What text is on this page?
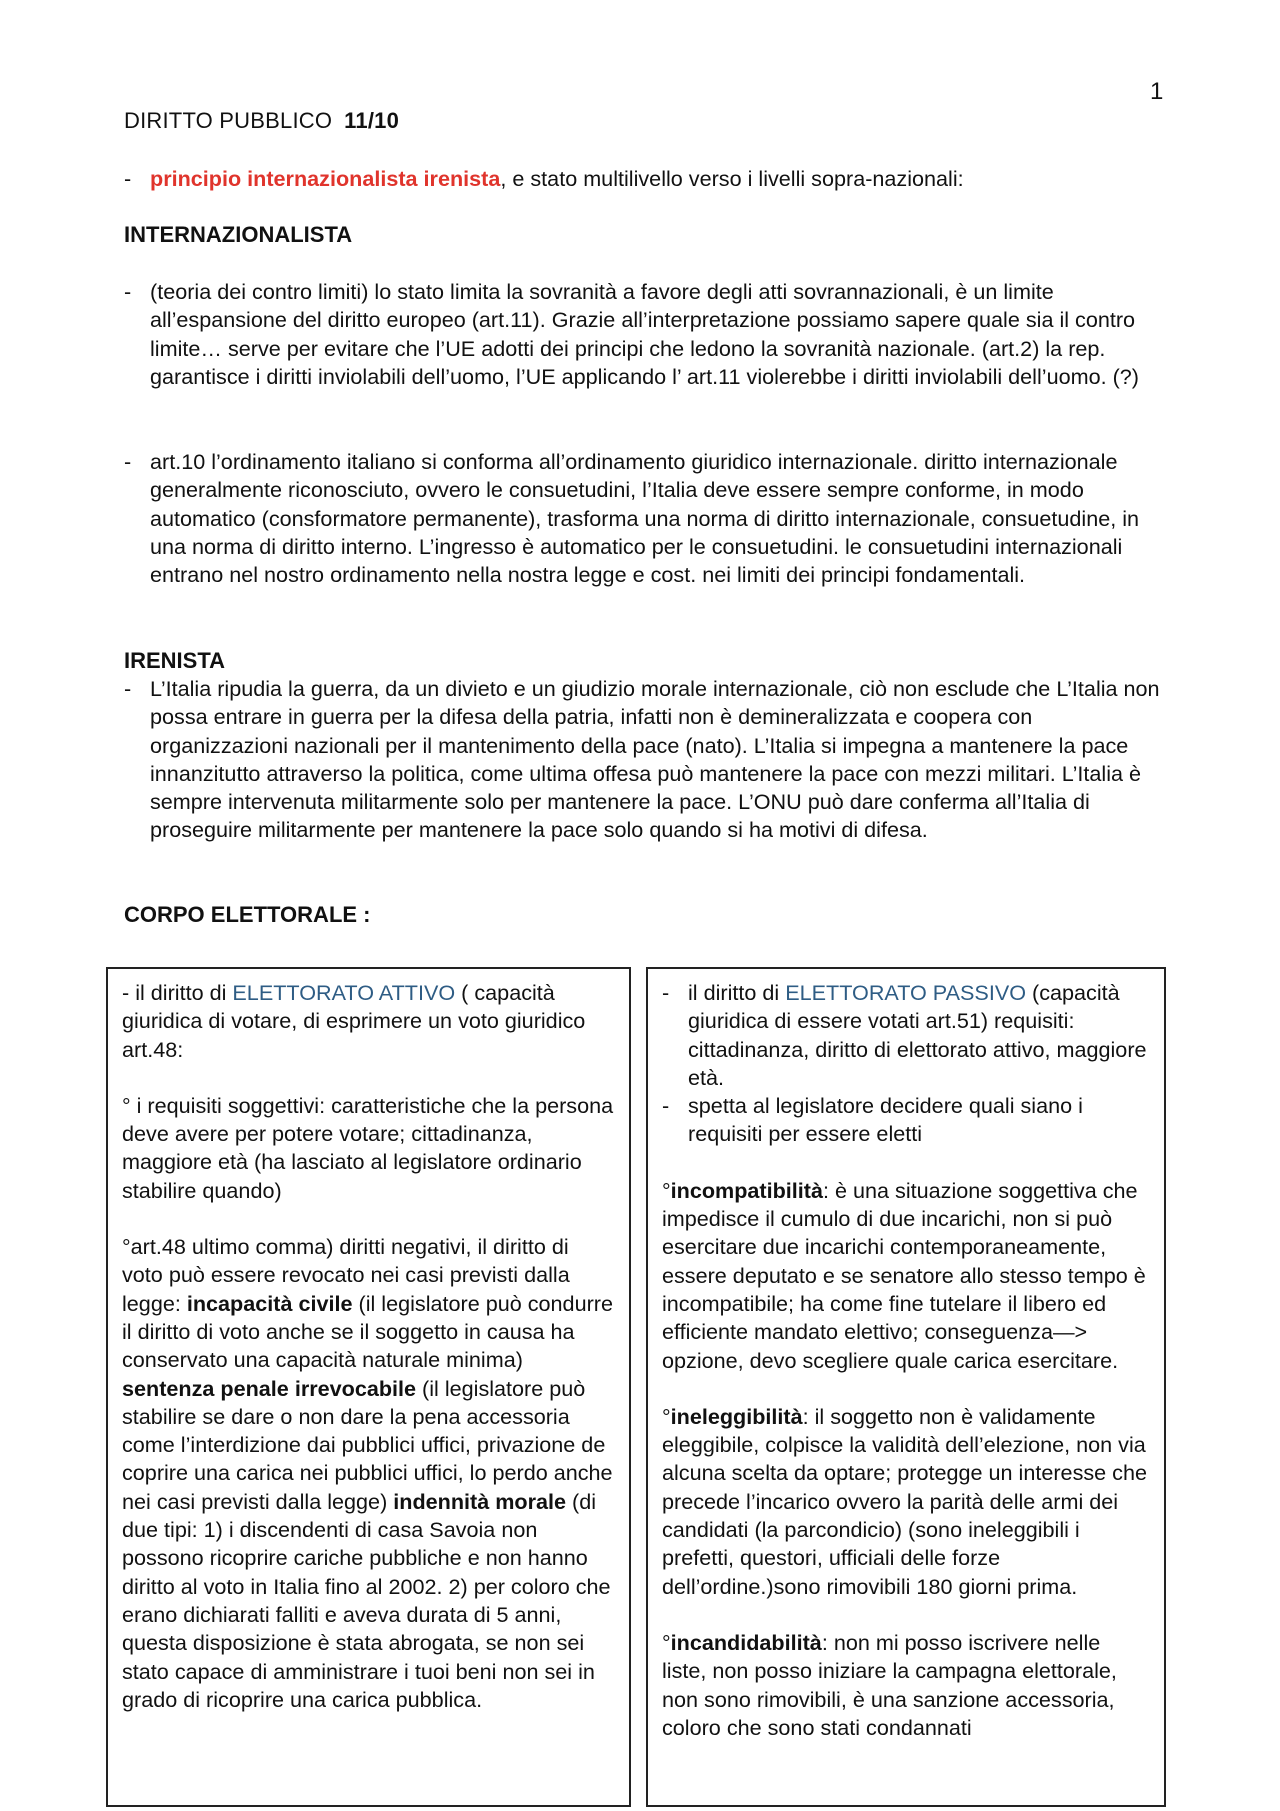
1
DIRITTO PUBBLICO 11/10
- principio internazionalista irenista, e stato multilivello verso i livelli sopra-nazionali:
INTERNAZIONALISTA
- (teoria dei contro limiti) lo stato limita la sovranità a favore degli atti sovrannazionali, è un limite all’espansione del diritto europeo (art.11). Grazie all’interpretazione possiamo sapere quale sia il contro limite… serve per evitare che l’UE adotti dei principi che ledono la sovranità nazionale. (art.2) la rep. garantisce i diritti inviolabili dell’uomo, l’UE applicando l’ art.11 violerebbe i diritti inviolabili dell’uomo. (?)
- art.10 l’ordinamento italiano si conforma all’ordinamento giuridico internazionale. diritto internazionale generalmente riconosciuto, ovvero le consuetudini, l’Italia deve essere sempre conforme, in modo automatico (consformatore permanente), trasforma una norma di diritto internazionale, consuetudine, in una norma di diritto interno. L’ingresso è automatico per le consuetudini. le consuetudini internazionali entrano nel nostro ordinamento nella nostra legge e cost. nei limiti dei principi fondamentali.
IRENISTA
- L’Italia ripudia la guerra, da un divieto e un giudizio morale internazionale, ciò non esclude che L’Italia non possa entrare in guerra per la difesa della patria, infatti non è demineralizzata e coopera con organizzazioni nazionali per il mantenimento della pace (nato). L’Italia si impegna a mantenere la pace innanzitutto attraverso la politica, come ultima offesa può mantenere la pace con mezzi militari. L’Italia è sempre intervenuta militarmente solo per mantenere la pace. L’ONU può dare conferma all’Italia di proseguire militarmente per mantenere la pace solo quando si ha motivi di difesa.
CORPO ELETTORALE :

- il diritto di ELETTORATO ATTIVO ( capacità giuridica di votare, di esprimere un voto giuridico art.48:

° i requisiti soggettivi: caratteristiche che la persona deve avere per potere votare; cittadinanza, maggiore età (ha lasciato al legislatore ordinario stabilire quando)

°art.48 ultimo comma) diritti negativi, il diritto di voto può essere revocato nei casi previsti dalla legge: incapacità civile (il legislatore può condurre il diritto di voto anche se il soggetto in causa ha conservato una capacità naturale minima) sentenza penale irrevocabile (il legislatore può stabilire se dare o non dare la pena accessoria come l’interdizione dai pubblici uffici, privazione de coprire una carica nei pubblici uffici, lo perdo anche nei casi previsti dalla legge) indennità morale (di due tipi: 1) i discendenti di casa Savoia non possono ricoprire cariche pubbliche e non hanno diritto al voto in Italia fino al 2002. 2) per coloro che erano dichiarati falliti e aveva durata di 5 anni, questa disposizione è stata abrogata, se non sei stato capace di amministrare i tuoi beni non sei in grado di ricoprire una carica pubblica.

- il diritto di ELETTORATO PASSIVO (capacità giuridica di essere votati art.51) requisiti: cittadinanza, diritto di elettorato attivo, maggiore età.
- spetta al legislatore decidere quali siano i requisiti per essere eletti

°incompatibilità: è una situazione soggettiva che impedisce il cumulo di due incarichi, non si può esercitare due incarichi contemporaneamente, essere deputato e se senatore allo stesso tempo è incompatibile; ha come fine tutelare il libero ed efficiente mandato elettivo; conseguenza—> opzione, devo scegliere quale carica esercitare.

°ineleggibilità: il soggetto non è validamente eleggibile, colpisce la validità dell’elezione, non via alcuna scelta da optare; protegge un interesse che precede l’incarico ovvero la parità delle armi dei candidati (la parcondicio) (sono ineleggibili i prefetti, questori, ufficiali delle forze dell’ordine.)sono rimovibili 180 giorni prima.

°incandidabilità: non mi posso iscrivere nelle liste, non posso iniziare la campagna elettorale, non sono rimovibili, è una sanzione accessoria, coloro che sono stati condannati
